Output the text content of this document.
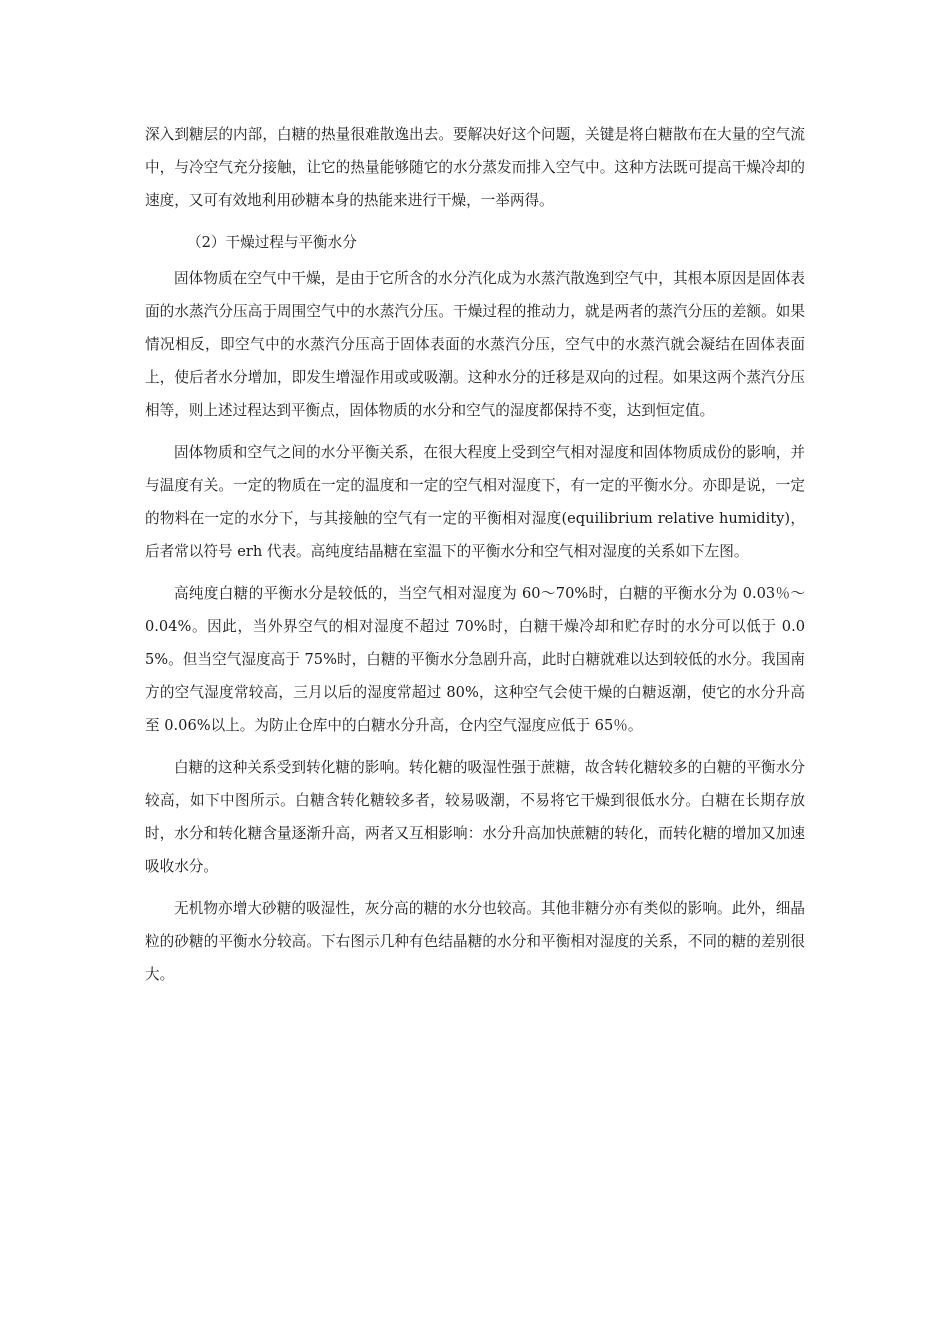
深入到糖层的内部，白糖的热量很难散逸出去。要解决好这个问题，关键是将白糖散布在大量的空气流中，与冷空气充分接触，让它的热量能够随它的水分蒸发而排入空气中。这种方法既可提高干燥冷却的速度，又可有效地利用砂糖本身的热能来进行干燥，一举两得。

（2）干燥过程与平衡水分

固体物质在空气中干燥，是由于它所含的水分汽化成为水蒸汽散逸到空气中，其根本原因是固体表面的水蒸汽分压高于周围空气中的水蒸汽分压。干燥过程的推动力，就是两者的蒸汽分压的差额。如果情况相反，即空气中的水蒸汽分压高于固体表面的水蒸汽分压，空气中的水蒸汽就会凝结在固体表面上，使后者水分增加，即发生增湿作用或或吸潮。这种水分的迁移是双向的过程。如果这两个蒸汽分压相等，则上述过程达到平衡点，固体物质的水分和空气的湿度都保持不变，达到恒定值。

固体物质和空气之间的水分平衡关系，在很大程度上受到空气相对湿度和固体物质成份的影响，并与温度有关。一定的物质在一定的温度和一定的空气相对湿度下，有一定的平衡水分。亦即是说，一定的物料在一定的水分下，与其接触的空气有一定的平衡相对湿度(equilibrium relative humidity)，后者常以符号 erh 代表。高纯度结晶糖在室温下的平衡水分和空气相对湿度的关系如下左图。

高纯度白糖的平衡水分是较低的，当空气相对湿度为 60～70%时，白糖的平衡水分为 0.03％～0.04%。因此，当外界空气的相对湿度不超过 70%时，白糖干燥冷却和贮存时的水分可以低于 0.05%。但当空气湿度高于 75%时，白糖的平衡水分急剧升高，此时白糖就难以达到较低的水分。我国南方的空气湿度常较高，三月以后的湿度常超过 80%，这种空气会使干燥的白糖返潮，使它的水分升高至 0.06%以上。为防止仓库中的白糖水分升高，仓内空气湿度应低于 65％。

白糖的这种关系受到转化糖的影响。转化糖的吸湿性强于蔗糖，故含转化糖较多的白糖的平衡水分较高，如下中图所示。白糖含转化糖较多者，较易吸潮，不易将它干燥到很低水分。白糖在长期存放时，水分和转化糖含量逐渐升高，两者又互相影响：水分升高加快蔗糖的转化，而转化糖的增加又加速吸收水分。

无机物亦增大砂糖的吸湿性，灰分高的糖的水分也较高。其他非糖分亦有类似的影响。此外，细晶粒的砂糖的平衡水分较高。下右图示几种有色结晶糖的水分和平衡相对湿度的关系，不同的糖的差别很大。
